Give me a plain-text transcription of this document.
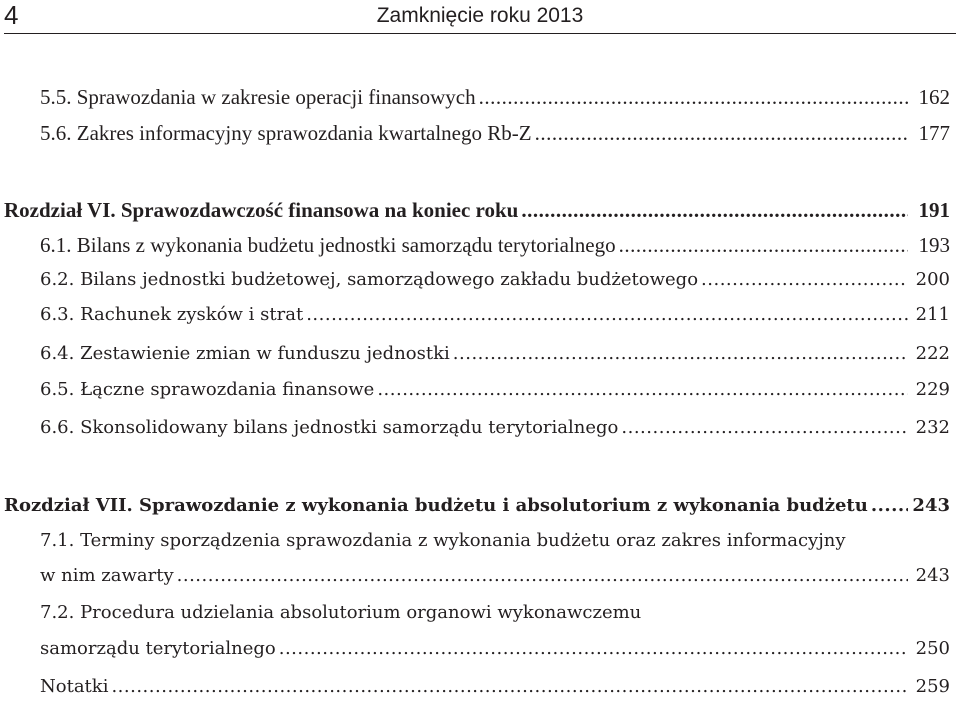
4	Zamknięcie roku 2013
5.5. Sprawozdania w zakresie operacji finansowych .....	162
5.6. Zakres informacyjny sprawozdania kwartalnego Rb-Z .....	177
Rozdział VI. Sprawozdawczość finansowa na koniec roku .....	191
6.1. Bilans z wykonania budżetu jednostki samorządu terytorialnego .....	193
6.2. Bilans jednostki budżetowej, samorządowego zakładu budżetowego .....	200
6.3. Rachunek zysków i strat .....	211
6.4. Zestawienie zmian w funduszu jednostki .....	222
6.5. Łączne sprawozdania finansowe .....	229
6.6. Skonsolidowany bilans jednostki samorządu terytorialnego .....	232
Rozdział VII. Sprawozdanie z wykonania budżetu i absolutorium z wykonania budżetu ..... 243
7.1. Terminy sporządzenia sprawozdania z wykonania budżetu oraz zakres informacyjny
w nim zawarty .....	243
7.2. Procedura udzielania absolutorium organowi wykonawczemu
samorządu terytorialnego .....	250
Notatki .....	259
